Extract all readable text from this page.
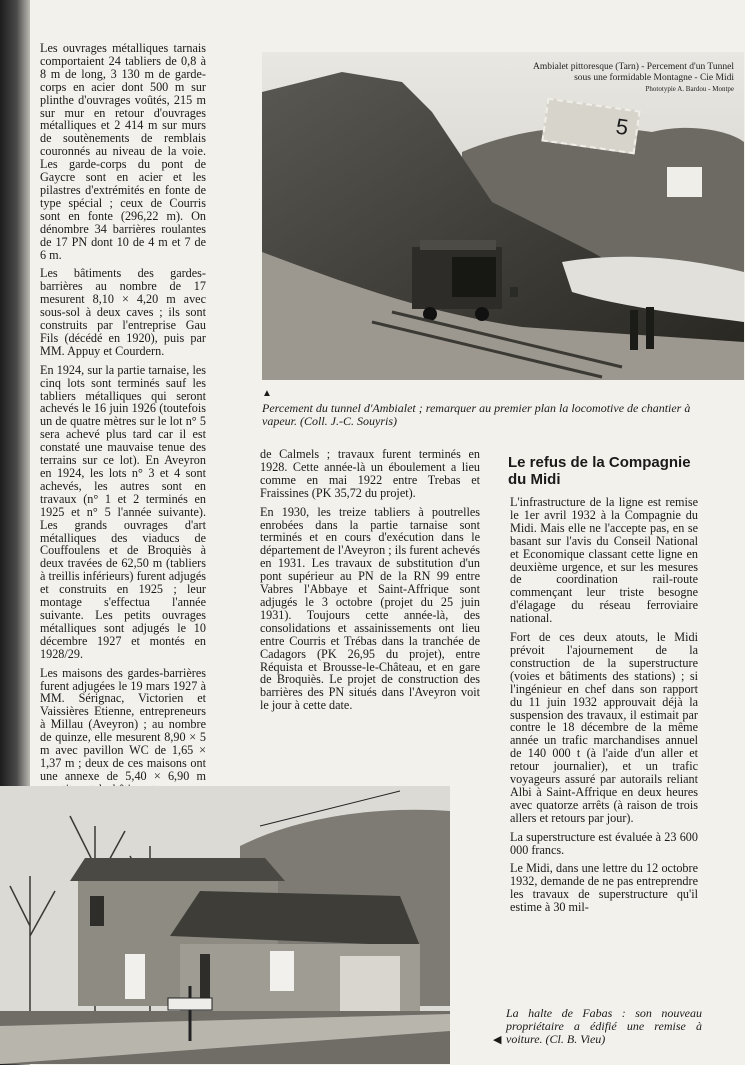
Les ouvrages métalliques tarnais comportaient 24 tabliers de 0,8 à 8 m de long, 3 130 m de garde-corps en acier dont 500 m sur plinthe d'ouvrages voûtés, 215 m sur mur en retour d'ouvrages métalliques et 2 414 m sur murs de soutènements de remblais couronnés au niveau de la voie. Les garde-corps du pont de Gaycre sont en acier et les pilastres d'extrémités en fonte de type spécial ; ceux de Courris sont en fonte (296,22 m). On dénombre 34 barrières roulantes de 17 PN dont 10 de 4 m et 7 de 6 m.

Les bâtiments des gardes-barrières au nombre de 17 mesurent 8,10 × 4,20 m avec sous-sol à deux caves ; ils sont construits par l'entreprise Gau Fils (décédé en 1920), puis par MM. Appuy et Courdern.

En 1924, sur la partie tarnaise, les cinq lots sont terminés sauf les tabliers métalliques qui seront achevés le 16 juin 1926 (toutefois un de quatre mètres sur le lot n° 5 sera achevé plus tard car il est constaté une mauvaise tenue des terrains sur ce lot). En Aveyron en 1924, les lots n° 3 et 4 sont achevés, les autres sont en travaux (n° 1 et 2 terminés en 1925 et n° 5 l'année suivante). Les grands ouvrages d'art métalliques des viaducs de Couffoulens et de Broquiès à deux travées de 62,50 m (tabliers à treillis inférieurs) furent adjugés et construits en 1925 ; leur montage s'effectua l'année suivante. Les petits ouvrages métalliques sont adjugés le 10 décembre 1927 et montés en 1928/29.

Les maisons des gardes-barrières furent adjugées le 19 mars 1927 à MM. Sérignac, Victorien et Vaissières Etienne, entrepreneurs à Millau (Aveyron) ; au nombre de quinze, elle mesurent 8,90 × 5 m avec pavillon WC de 1,65 × 1,37 m ; deux de ces maisons ont une annexe de 5,40 × 6,90 m

5
Ambialet pittoresque (Tarn) - Percement d'un Tunnel
sous une formidable Montagne - Cie Midi
Phototypie A. Bardou - Montpe
▲
Percement du tunnel d'Ambialet ; remarquer au premier plan la locomotive de chantier à vapeur. (Coll. J.-C. Souyris)

de Calmels ; travaux furent terminés en 1928. Cette année-là un éboulement a lieu comme en mai 1922 entre Trebas et Fraissines (PK 35,72 du projet).

En 1930, les treize tabliers à poutrelles enrobées dans la partie tarnaise sont terminés et en cours d'exécution dans le département de l'Aveyron ; ils furent achevés en 1931. Les travaux de substitution d'un pont supérieur au PN de la RN 99 entre Vabres l'Abbaye et Saint-Affrique sont adjugés le 3 octobre (projet du 25 juin 1931). Toujours cette année-là, des consolidations et assainissements ont lieu entre Courris et Trébas dans la tranchée de Cadagors (PK 26,95 du projet), entre Réquista et Brousse-le-Château, et en gare de Broquiès. Le projet de construction des barrières des PN situés dans l'Aveyron voit le jour à cette date.

Le refus de la Compagnie du Midi

L'infrastructure de la ligne est remise le 1er avril 1932 à la Compagnie du Midi. Mais elle ne l'accepte pas, en se basant sur l'avis du Conseil National et Economique classant cette ligne en deuxième urgence, et sur les mesures de coordination rail-route commençant leur triste besogne d'élagage du réseau ferroviaire national.

Fort de ces deux atouts, le Midi prévoit l'ajournement de la construction de la superstructure (voies et bâtiments des stations) ; si l'ingénieur en chef dans son rapport du 11 juin 1932 approuvait déjà la suspension des travaux, il estimait par contre le 18 décembre de la même année un trafic marchandises annuel de 140 000 t (à l'aide d'un aller et retour journalier), et un trafic voyageurs assuré par autorails reliant Albi à Saint-Affrique en deux heures avec quatorze arrêts (à raison de trois allers et retours par jour).

La superstructure est évaluée à 23 600 000 francs.

Le Midi, dans une lettre du 12 octobre 1932, demande de ne pas entreprendre les travaux de superstructure qu'il estime à 30 mil-

◀
La halte de Fabas : son nouveau propriétaire a édifié une remise à voiture. (Cl. B. Vieu)
